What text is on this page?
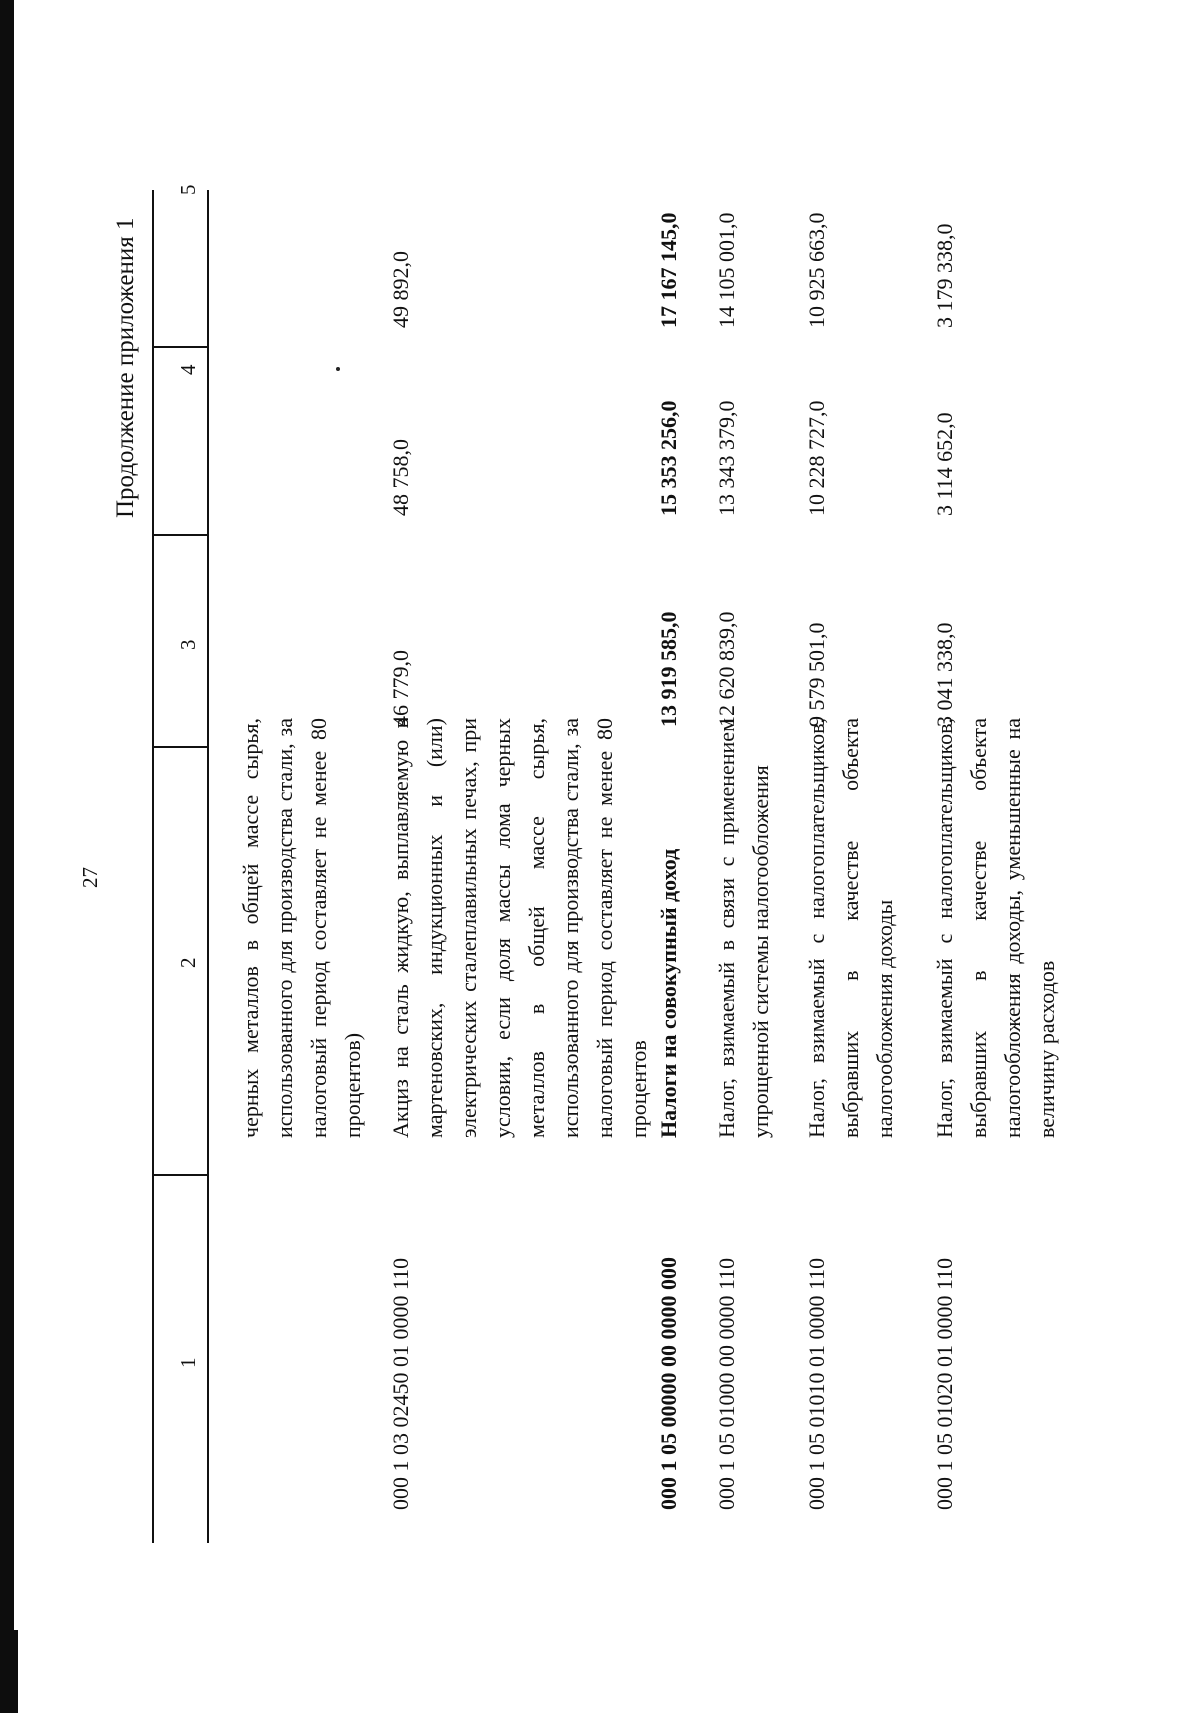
27
Продолжение приложения 1
1
2
3
4
5
черных металлов в общей массе сырья, использованного для производства стали, за налоговый период составляет не менее 80 процентов)
000 1 03 02450 01 0000 110
Акциз на сталь жидкую, выплавляемую в мартеновских, индукционных и (или) электрических сталеплавильных печах, при условии, если доля массы лома черных металлов в общей массе сырья, использованного для производства стали, за налоговый период составляет не менее 80 процентов
46 779,0
48 758,0
49 892,0
000 1 05 00000 00 0000 000
Налоги на совокупный доход
13 919 585,0
15 353 256,0
17 167 145,0
000 1 05 01000 00 0000 110
Налог, взимаемый в связи с применением упрощенной системы налогообложения
12 620 839,0
13 343 379,0
14 105 001,0
000 1 05 01010 01 0000 110
Налог, взимаемый с налогоплательщиков, выбравших в качестве объекта налогообложения доходы
9 579 501,0
10 228 727,0
10 925 663,0
000 1 05 01020 01 0000 110
Налог, взимаемый с налогоплательщиков, выбравших в качестве объекта налогообложения доходы, уменьшенные на величину расходов
3 041 338,0
3 114 652,0
3 179 338,0
